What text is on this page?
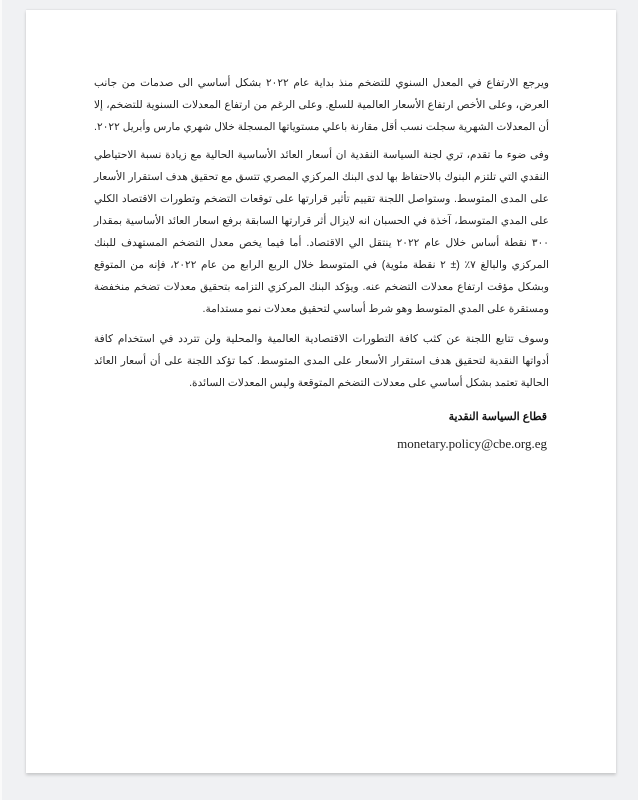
ويرجع الارتفاع في المعدل السنوي للتضخم منذ بداية عام ٢٠٢٢ بشكل أساسي الى صدمات من جانب العرض، وعلى الأخص ارتفاع الأسعار العالمية للسلع. وعلى الرغم من ارتفاع المعدلات السنوية للتضخم، إلا أن المعدلات الشهرية سجلت نسب أقل مقارنة باعلي مستوياتها المسجلة خلال شهري مارس وأبريل ٢٠٢٢.

وفى ضوء ما تقدم، تري لجنة السياسة النقدية ان أسعار العائد الأساسية الحالية مع زيادة نسبة الاحتياطي النقدي التي تلتزم البنوك بالاحتفاظ بها لدى البنك المركزي المصري تتسق مع تحقيق هدف استقرار الأسعار على المدى المتوسط. وستواصل اللجنة تقييم تأثير قرارتها على توقعات التضخم وتطورات الاقتصاد الكلي على المدي المتوسط، آخذة في الحسبان انه لايزال أثر قرارتها السابقة برفع اسعار العائد الأساسية بمقدار ٣٠٠ نقطة أساس خلال عام ٢٠٢٢ ينتقل الي الاقتصاد. أما فيما يخص معدل التضخم المستهدف للبنك المركزي والبالغ ٧٪ (± ٢ نقطة مئوية) في المتوسط خلال الربع الرابع من عام ٢٠٢٢، فإنه من المتوقع وبشكل مؤقت ارتفاع معدلات التضخم عنه. ويؤكد البنك المركزي التزامه بتحقيق معدلات تضخم منخفضة ومستقرة على المدي المتوسط وهو شرط أساسي لتحقيق معدلات نمو مستدامة.

وسوف تتابع اللجنة عن كثب كافة التطورات الاقتصادية العالمية والمحلية ولن تتردد في استخدام كافة أدواتها النقدية لتحقيق هدف استقرار الأسعار على المدى المتوسط. كما تؤكد اللجنة على أن أسعار العائد الحالية تعتمد بشكل أساسي على معدلات التضخم المتوقعة وليس المعدلات السائدة.

قطاع السياسة النقدية

monetary.policy@cbe.org.eg
